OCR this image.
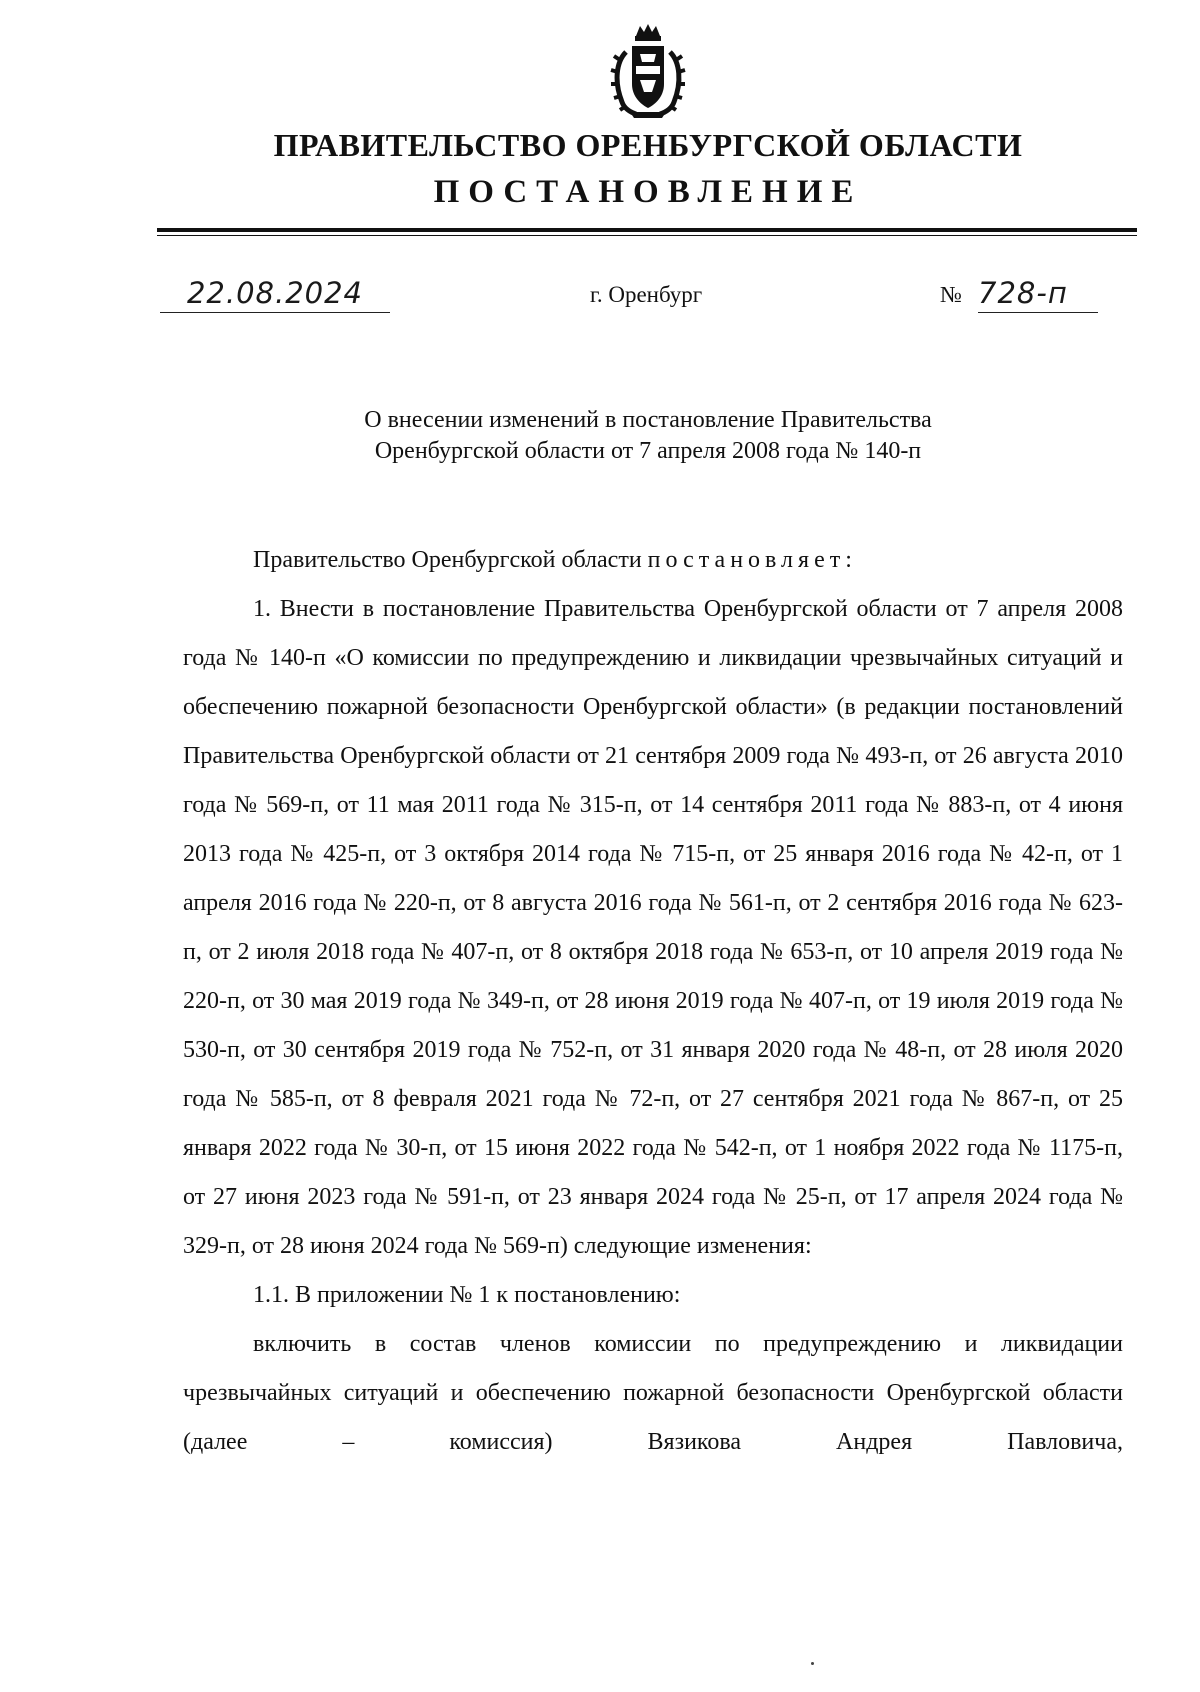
ПРАВИТЕЛЬСТВО ОРЕНБУРГСКОЙ ОБЛАСТИ
ПОСТАНОВЛЕНИЕ
22.08.2024	г. Оренбург	№ 728-п
О внесении изменений в постановление Правительства
Оренбургской области от 7 апреля 2008 года № 140-п

Правительство Оренбургской области постановляет:

1. Внести в постановление Правительства Оренбургской области от 7 апреля 2008 года № 140-п «О комиссии по предупреждению и ликвидации чрезвычайных ситуаций и обеспечению пожарной безопасности Оренбургской области» (в редакции постановлений Правительства Оренбургской области от 21 сентября 2009 года № 493-п, от 26 августа 2010 года № 569-п, от 11 мая 2011 года № 315-п, от 14 сентября 2011 года № 883-п, от 4 июня 2013 года № 425-п, от 3 октября 2014 года № 715-п, от 25 января 2016 года № 42-п, от 1 апреля 2016 года № 220-п, от 8 августа 2016 года № 561-п, от 2 сентября 2016 года № 623-п, от 2 июля 2018 года № 407-п, от 8 октября 2018 года № 653-п, от 10 апреля 2019 года № 220-п, от 30 мая 2019 года № 349-п, от 28 июня 2019 года № 407-п, от 19 июля 2019 года № 530-п, от 30 сентября 2019 года № 752-п, от 31 января 2020 года № 48-п, от 28 июля 2020 года № 585-п, от 8 февраля 2021 года № 72-п, от 27 сентября 2021 года № 867-п, от 25 января 2022 года № 30-п, от 15 июня 2022 года № 542-п, от 1 ноября 2022 года № 1175-п, от 27 июня 2023 года № 591-п, от 23 января 2024 года № 25-п, от 17 апреля 2024 года № 329-п, от 28 июня 2024 года № 569-п) следующие изменения:

1.1. В приложении № 1 к постановлению:

включить в состав членов комиссии по предупреждению и ликвидации чрезвычайных ситуаций и обеспечению пожарной безопасности Оренбургской области (далее – комиссия) Вязикова Андрея Павловича,
